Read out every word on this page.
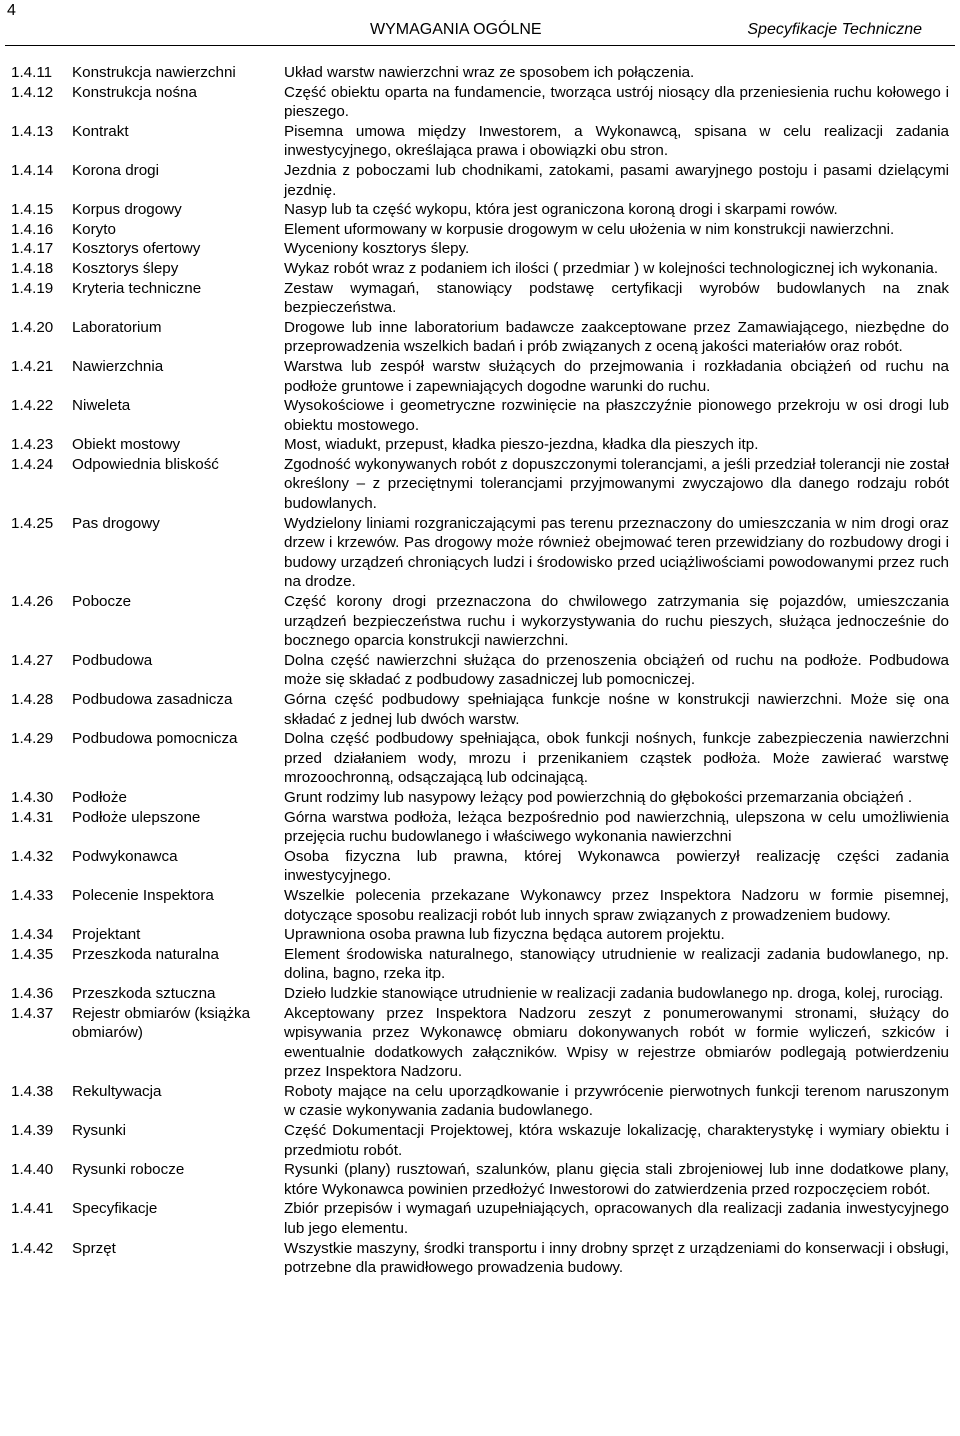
4
WYMAGANIA OGÓLNE	Specyfikacje Techniczne
1.4.11	Konstrukcja nawierzchni	Układ warstw nawierzchni wraz ze sposobem ich połączenia.
1.4.12	Konstrukcja nośna	Część obiektu oparta na fundamencie, tworząca ustrój niosący dla przeniesienia ruchu kołowego i pieszego.
1.4.13	Kontrakt	Pisemna umowa między Inwestorem, a Wykonawcą, spisana w celu realizacji zadania inwestycyjnego, określająca prawa i obowiązki obu stron.
1.4.14	Korona drogi	Jezdnia z poboczami lub chodnikami, zatokami, pasami awaryjnego postoju i pasami dzielącymi jezdnię.
1.4.15	Korpus drogowy	Nasyp lub ta część wykopu, która jest ograniczona koroną drogi i skarpami rowów.
1.4.16	Koryto	Element uformowany w korpusie drogowym w celu ułożenia w nim konstrukcji nawierzchni.
1.4.17	Kosztorys ofertowy	Wyceniony kosztorys ślepy.
1.4.18	Kosztorys ślepy	Wykaz robót wraz z podaniem ich ilości ( przedmiar ) w kolejności technologicznej ich wykonania.
1.4.19	Kryteria techniczne	Zestaw wymagań, stanowiący podstawę certyfikacji wyrobów budowlanych na znak bezpieczeństwa.
1.4.20	Laboratorium	Drogowe lub inne laboratorium badawcze zaakceptowane przez Zamawiającego, niezbędne do przeprowadzenia wszelkich badań i prób związanych z oceną jakości materiałów oraz robót.
1.4.21	Nawierzchnia	Warstwa lub zespół warstw służących do przejmowania i rozkładania obciążeń od ruchu na podłoże gruntowe i zapewniających dogodne warunki do ruchu.
1.4.22	Niweleta	Wysokościowe i geometryczne rozwinięcie na płaszczyźnie pionowego przekroju w osi drogi lub obiektu mostowego.
1.4.23	Obiekt mostowy	Most, wiadukt, przepust, kładka pieszo-jezdna, kładka dla pieszych itp.
1.4.24	Odpowiednia bliskość	Zgodność wykonywanych robót z dopuszczonymi tolerancjami, a jeśli przedział tolerancji nie został określony – z przeciętnymi tolerancjami przyjmowanymi zwyczajowo dla danego rodzaju robót budowlanych.
1.4.25	Pas drogowy	Wydzielony liniami rozgraniczającymi pas terenu przeznaczony do umieszczania w nim drogi oraz drzew i krzewów. Pas drogowy może również obejmować teren przewidziany do rozbudowy drogi i budowy urządzeń chroniących ludzi i środowisko przed uciążliwościami powodowanymi przez ruch na drodze.
1.4.26	Pobocze	Część korony drogi przeznaczona do chwilowego zatrzymania się pojazdów, umieszczania urządzeń bezpieczeństwa ruchu i wykorzystywania do ruchu pieszych, służąca jednocześnie do bocznego oparcia konstrukcji nawierzchni.
1.4.27	Podbudowa	Dolna część nawierzchni służąca do przenoszenia obciążeń od ruchu na podłoże. Podbudowa może się składać z podbudowy zasadniczej lub pomocniczej.
1.4.28	Podbudowa zasadnicza	Górna część podbudowy spełniająca funkcje nośne w konstrukcji nawierzchni. Może się ona składać z jednej lub dwóch warstw.
1.4.29	Podbudowa pomocnicza	Dolna część podbudowy spełniająca, obok funkcji nośnych, funkcje zabezpieczenia nawierzchni przed działaniem wody, mrozu i przenikaniem cząstek podłoża. Może zawierać warstwę mrozoochronną, odsączającą lub odcinającą.
1.4.30	Podłoże	Grunt rodzimy lub nasypowy leżący pod powierzchnią do głębokości przemarzania obciążeń .
1.4.31	Podłoże ulepszone	Górna warstwa podłoża, leżąca bezpośrednio pod nawierzchnią, ulepszona w celu umożliwienia przejęcia ruchu budowlanego i właściwego wykonania nawierzchni
1.4.32	Podwykonawca	Osoba fizyczna lub prawna, której Wykonawca powierzył realizację części zadania inwestycyjnego.
1.4.33	Polecenie Inspektora	Wszelkie polecenia przekazane Wykonawcy przez Inspektora Nadzoru w formie pisemnej, dotyczące sposobu realizacji robót lub innych spraw związanych z prowadzeniem budowy.
1.4.34	Projektant	Uprawniona osoba prawna lub fizyczna będąca autorem projektu.
1.4.35	Przeszkoda naturalna	Element środowiska naturalnego, stanowiący utrudnienie w realizacji zadania budowlanego, np. dolina, bagno, rzeka itp.
1.4.36	Przeszkoda sztuczna	Dzieło ludzkie stanowiące utrudnienie w realizacji zadania budowlanego np. droga, kolej, rurociąg.
1.4.37	Rejestr obmiarów (książka obmiarów)
Akceptowany przez Inspektora Nadzoru zeszyt z ponumerowanymi stronami, służący do wpisywania przez Wykonawcę obmiaru dokonywanych robót w formie wyliczeń, szkiców i ewentualnie dodatkowych załączników. Wpisy w rejestrze obmiarów podlegają potwierdzeniu przez Inspektora Nadzoru.
1.4.38	Rekultywacja	Roboty mające na celu uporządkowanie i przywrócenie pierwotnych funkcji terenom naruszonym w czasie wykonywania zadania budowlanego.
1.4.39	Rysunki	Część Dokumentacji Projektowej, która wskazuje lokalizację, charakterystykę i wymiary obiektu i przedmiotu robót.
1.4.40	Rysunki robocze	Rysunki (plany) rusztowań, szalunków, planu gięcia stali zbrojeniowej lub inne dodatkowe plany, które Wykonawca powinien przedłożyć Inwestorowi do zatwierdzenia przed rozpoczęciem robót.
1.4.41	Specyfikacje	Zbiór przepisów i wymagań uzupełniających, opracowanych dla realizacji zadania inwestycyjnego lub jego elementu.
1.4.42	Sprzęt	Wszystkie maszyny, środki transportu i inny drobny sprzęt z urządzeniami do konserwacji i obsługi, potrzebne dla prawidłowego prowadzenia budowy.
